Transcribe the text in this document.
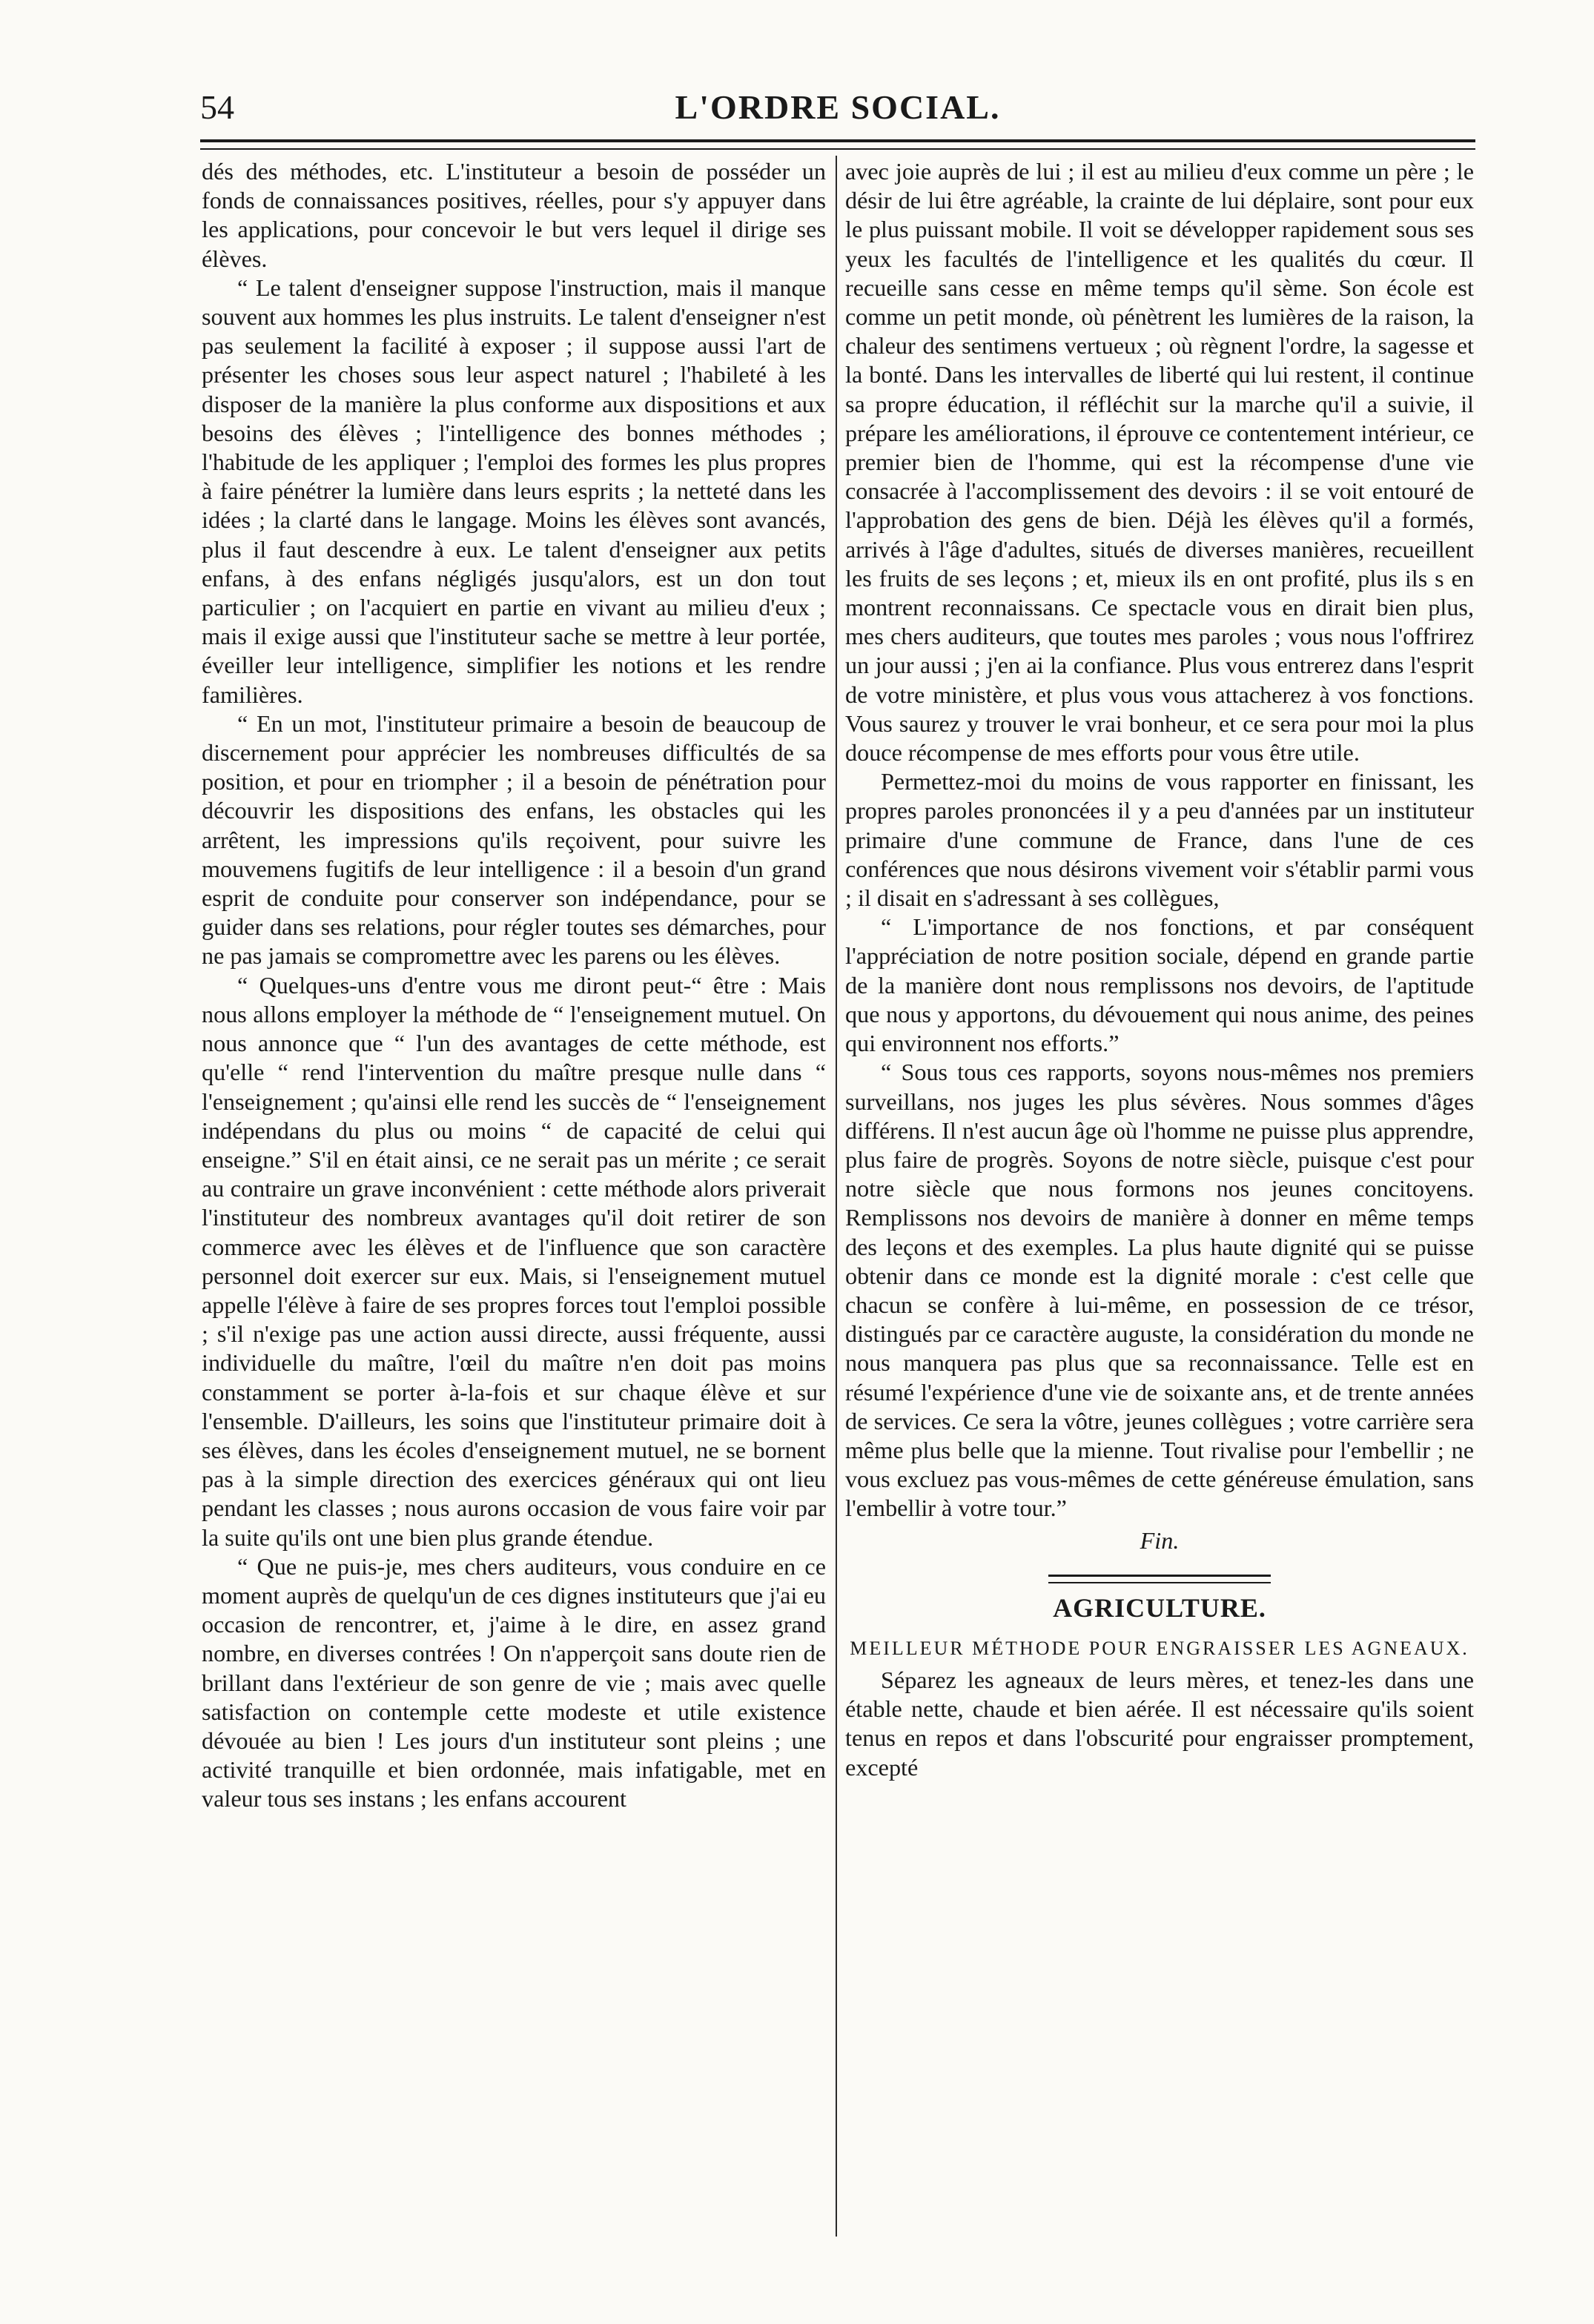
54	L'ORDRE SOCIAL.

dés des méthodes, etc. L'instituteur a besoin de posséder un fonds de connaissances positives, réelles, pour s'y appuyer dans les applications, pour concevoir le but vers lequel il dirige ses élèves.

“ Le talent d'enseigner suppose l'instruction, mais il manque souvent aux hommes les plus instruits. Le talent d'enseigner n'est pas seulement la facilité à exposer ; il suppose aussi l'art de présenter les choses sous leur aspect naturel ; l'habileté à les disposer de la manière la plus conforme aux dispositions et aux besoins des élèves ; l'intelligence des bonnes méthodes ; l'habitude de les appliquer ; l'emploi des formes les plus propres à faire pénétrer la lumière dans leurs esprits ; la netteté dans les idées ; la clarté dans le langage. Moins les élèves sont avancés, plus il faut descendre à eux. Le talent d'enseigner aux petits enfans, à des enfans négligés jusqu'alors, est un don tout particulier ; on l'acquiert en partie en vivant au milieu d'eux ; mais il exige aussi que l'instituteur sache se mettre à leur portée, éveiller leur intelligence, simplifier les notions et les rendre familières.

“ En un mot, l'instituteur primaire a besoin de beaucoup de discernement pour apprécier les nombreuses difficultés de sa position, et pour en triompher ; il a besoin de pénétration pour découvrir les dispositions des enfans, les obstacles qui les arrêtent, les impressions qu'ils reçoivent, pour suivre les mouvemens fugitifs de leur intelligence : il a besoin d'un grand esprit de conduite pour conserver son indépendance, pour se guider dans ses relations, pour régler toutes ses démarches, pour ne pas jamais se compromettre avec les parens ou les élèves.

“ Quelques-uns d'entre vous me diront peut-“ être : Mais nous allons employer la méthode de “ l'enseignement mutuel. On nous annonce que “ l'un des avantages de cette méthode, est qu'elle “ rend l'intervention du maître presque nulle dans “ l'enseignement ; qu'ainsi elle rend les succès de “ l'enseignement indépendans du plus ou moins “ de capacité de celui qui enseigne.” S'il en était ainsi, ce ne serait pas un mérite ; ce serait au contraire un grave inconvénient : cette méthode alors priverait l'instituteur des nombreux avantages qu'il doit retirer de son commerce avec les élèves et de l'influence que son caractère personnel doit exercer sur eux. Mais, si l'enseignement mutuel appelle l'élève à faire de ses propres forces tout l'emploi possible ; s'il n'exige pas une action aussi directe, aussi fréquente, aussi individuelle du maître, l'œil du maître n'en doit pas moins constamment se porter à-la-fois et sur chaque élève et sur l'ensemble. D'ailleurs, les soins que l'instituteur primaire doit à ses élèves, dans les écoles d'enseignement mutuel, ne se bornent pas à la simple direction des exercices généraux qui ont lieu pendant les classes ; nous aurons occasion de vous faire voir par la suite qu'ils ont une bien plus grande étendue.

“ Que ne puis-je, mes chers auditeurs, vous conduire en ce moment auprès de quelqu'un de ces dignes instituteurs que j'ai eu occasion de rencontrer, et, j'aime à le dire, en assez grand nombre, en diverses contrées ! On n'apperçoit sans doute rien de brillant dans l'extérieur de son genre de vie ; mais avec quelle satisfaction on contemple cette modeste et utile existence dévouée au bien ! Les jours d'un instituteur sont pleins ; une activité tranquille et bien ordonnée, mais infatigable, met en valeur tous ses instans ; les enfans accourent

avec joie auprès de lui ; il est au milieu d'eux comme un père ; le désir de lui être agréable, la crainte de lui déplaire, sont pour eux le plus puissant mobile. Il voit se développer rapidement sous ses yeux les facultés de l'intelligence et les qualités du cœur. Il recueille sans cesse en même temps qu'il sème. Son école est comme un petit monde, où pénètrent les lumières de la raison, la chaleur des sentimens vertueux ; où règnent l'ordre, la sagesse et la bonté. Dans les intervalles de liberté qui lui restent, il continue sa propre éducation, il réfléchit sur la marche qu'il a suivie, il prépare les améliorations, il éprouve ce contentement intérieur, ce premier bien de l'homme, qui est la récompense d'une vie consacrée à l'accomplissement des devoirs : il se voit entouré de l'approbation des gens de bien. Déjà les élèves qu'il a formés, arrivés à l'âge d'adultes, situés de diverses manières, recueillent les fruits de ses leçons ; et, mieux ils en ont profité, plus ils s en montrent reconnaissans. Ce spectacle vous en dirait bien plus, mes chers auditeurs, que toutes mes paroles ; vous nous l'offrirez un jour aussi ; j'en ai la confiance. Plus vous entrerez dans l'esprit de votre ministère, et plus vous vous attacherez à vos fonctions. Vous saurez y trouver le vrai bonheur, et ce sera pour moi la plus douce récompense de mes efforts pour vous être utile.

Permettez-moi du moins de vous rapporter en finissant, les propres paroles prononcées il y a peu d'années par un instituteur primaire d'une commune de France, dans l'une de ces conférences que nous désirons vivement voir s'établir parmi vous ; il disait en s'adressant à ses collègues,

“ L'importance de nos fonctions, et par conséquent l'appréciation de notre position sociale, dépend en grande partie de la manière dont nous remplissons nos devoirs, de l'aptitude que nous y apportons, du dévouement qui nous anime, des peines qui environnent nos efforts.”

“ Sous tous ces rapports, soyons nous-mêmes nos premiers surveillans, nos juges les plus sévères. Nous sommes d'âges différens. Il n'est aucun âge où l'homme ne puisse plus apprendre, plus faire de progrès. Soyons de notre siècle, puisque c'est pour notre siècle que nous formons nos jeunes concitoyens. Remplissons nos devoirs de manière à donner en même temps des leçons et des exemples. La plus haute dignité qui se puisse obtenir dans ce monde est la dignité morale : c'est celle que chacun se confère à lui-même, en possession de ce trésor, distingués par ce caractère auguste, la considération du monde ne nous manquera pas plus que sa reconnaissance. Telle est en résumé l'expérience d'une vie de soixante ans, et de trente années de services. Ce sera la vôtre, jeunes collègues ; votre carrière sera même plus belle que la mienne. Tout rivalise pour l'embellir ; ne vous excluez pas vous-mêmes de cette généreuse émulation, sans l'embellir à votre tour.”

Fin.

AGRICULTURE.

MEILLEUR MÉTHODE POUR ENGRAISSER LES AGNEAUX.

Séparez les agneaux de leurs mères, et tenez-les dans une étable nette, chaude et bien aérée. Il est nécessaire qu'ils soient tenus en repos et dans l'obscurité pour engraisser promptement, excepté
